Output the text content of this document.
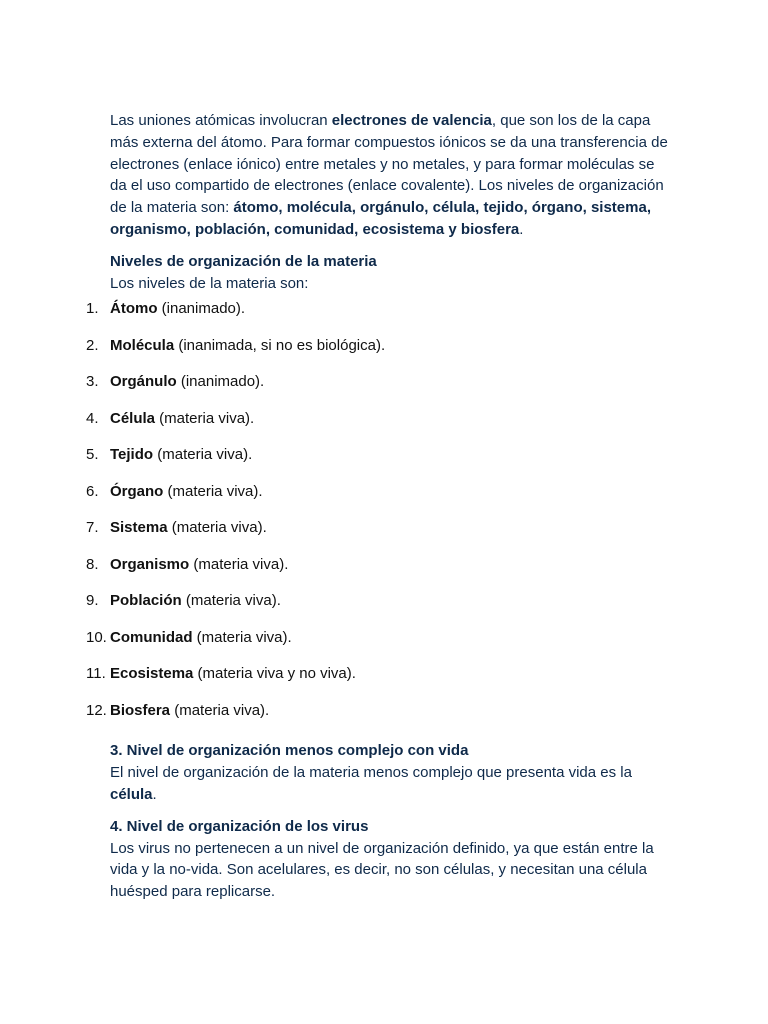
Las uniones atómicas involucran electrones de valencia, que son los de la capa más externa del átomo. Para formar compuestos iónicos se da una transferencia de electrones (enlace iónico) entre metales y no metales, y para formar moléculas se da el uso compartido de electrones (enlace covalente). Los niveles de organización de la materia son: átomo, molécula, orgánulo, célula, tejido, órgano, sistema, organismo, población, comunidad, ecosistema y biosfera.

Niveles de organización de la materia

Los niveles de la materia son:

1. Átomo (inanimado).
2. Molécula (inanimada, si no es biológica).
3. Orgánulo (inanimado).
4. Célula (materia viva).
5. Tejido (materia viva).
6. Órgano (materia viva).
7. Sistema (materia viva).
8. Organismo (materia viva).
9. Población (materia viva).
10. Comunidad (materia viva).
11. Ecosistema (materia viva y no viva).
12. Biosfera (materia viva).

3. Nivel de organización menos complejo con vida

El nivel de organización de la materia menos complejo que presenta vida es la célula.

4. Nivel de organización de los virus

Los virus no pertenecen a un nivel de organización definido, ya que están entre la vida y la no-vida. Son acelulares, es decir, no son células, y necesitan una célula huésped para replicarse.
